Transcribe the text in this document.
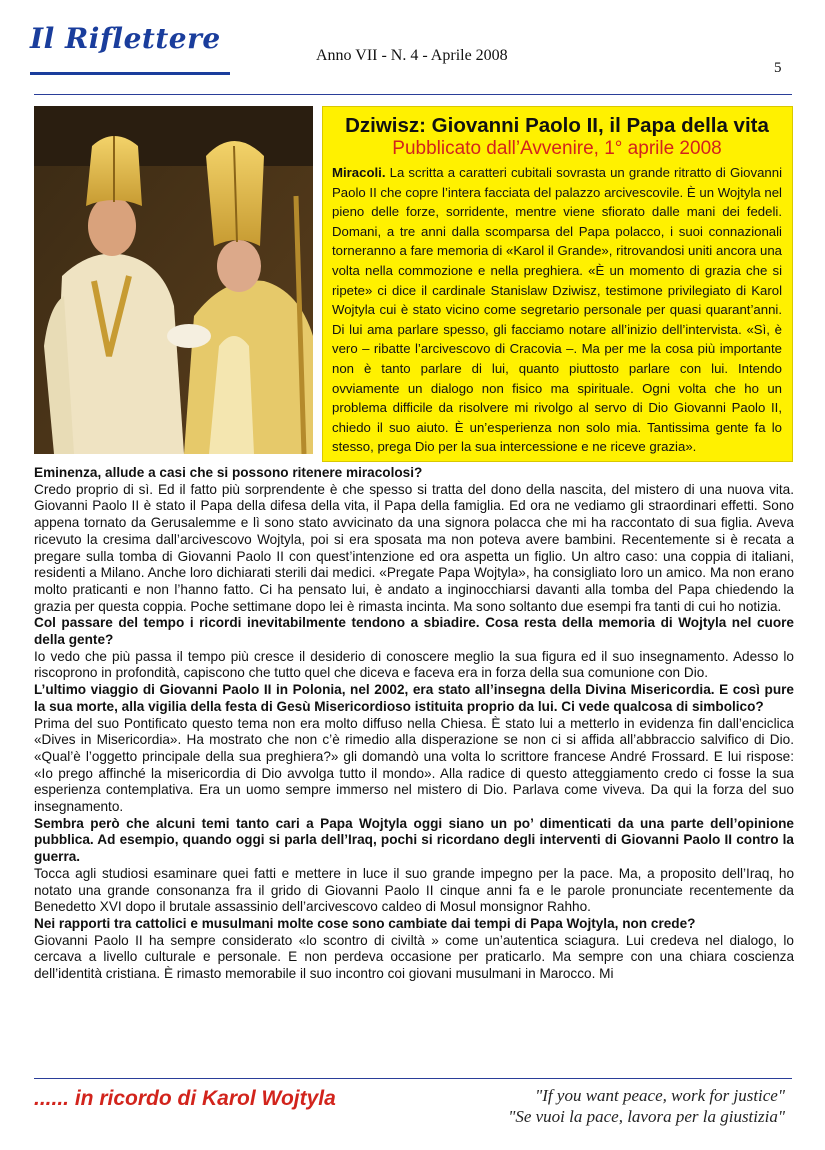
Il Riflettere
Anno VII - N. 4 - Aprile 2008
5
Dziwisz: Giovanni Paolo II, il Papa della vita
Pubblicato dall’Avvenire, 1° aprile 2008
Miracoli. La scritta a caratteri cubitali sovrasta un grande ritratto di Giovanni Paolo II che copre l’intera facciata del palazzo arcivescovile. È un Wojtyla nel pieno delle forze, sorridente, mentre viene sfiorato dalle mani dei fedeli. Domani, a tre anni dalla scomparsa del Papa polacco, i suoi connazionali torneranno a fare memoria di «Karol il Grande», ritrovandosi uniti ancora una volta nella commozione e nella preghiera. «È un momento di grazia che si ripete» ci dice il cardinale Stanislaw Dziwisz, testimone privilegiato di Karol Wojtyla cui è stato vicino come segretario personale per quasi quarant’anni. Di lui ama parlare spesso, gli facciamo notare all’inizio dell’intervista. «Sì, è vero – ribatte l’arcivescovo di Cracovia –. Ma per me la cosa più importante non è tanto parlare di lui, quanto piuttosto parlare con lui. Intendo ovviamente un dialogo non fisico ma spirituale. Ogni volta che ho un problema difficile da risolvere mi rivolgo al servo di Dio Giovanni Paolo II, chiedo il suo aiuto. È un’esperienza non solo mia. Tantissima gente fa lo stesso, prega Dio per la sua intercessione e ne riceve grazia».

Eminenza, allude a casi che si possono ritenere miracolosi?

Credo proprio di sì. Ed il fatto più sorprendente è che spesso si tratta del dono della nascita, del mistero di una nuova vita. Giovanni Paolo II è stato il Papa della difesa della vita, il Papa della famiglia. Ed ora ne vediamo gli straordinari effetti. Sono appena tornato da Gerusalemme e lì sono stato avvicinato da una signora polacca che mi ha raccontato di sua figlia. Aveva ricevuto la cresima dall’arcivescovo Wojtyla, poi si era sposata ma non poteva avere bambini. Recentemente si è recata a pregare sulla tomba di Giovanni Paolo II con quest’intenzione ed ora aspetta un figlio. Un altro caso: una coppia di italiani, residenti a Milano. Anche loro dichiarati sterili dai medici. «Pregate Papa Wojtyla», ha consigliato loro un amico. Ma non erano molto praticanti e non l’hanno fatto. Ci ha pensato lui, è andato a inginocchiarsi davanti alla tomba del Papa chiedendo la grazia per questa coppia. Poche settimane dopo lei è rimasta incinta. Ma sono soltanto due esempi fra tanti di cui ho notizia.

Col passare del tempo i ricordi inevitabilmente tendono a sbiadire. Cosa resta della memoria di Wojtyla nel cuore della gente?

Io vedo che più passa il tempo più cresce il desiderio di conoscere meglio la sua figura ed il suo insegnamento. Adesso lo riscoprono in profondità, capiscono che tutto quel che diceva e faceva era in forza della sua comunione con Dio.

L’ultimo viaggio di Giovanni Paolo II in Polonia, nel 2002, era stato all’insegna della Divina Misericordia. E così pure la sua morte, alla vigilia della festa di Gesù Misericordioso istituita proprio da lui. Ci vede qualcosa di simbolico?

Prima del suo Pontificato questo tema non era molto diffuso nella Chiesa. È stato lui a metterlo in evidenza fin dall’enciclica «Dives in Misericordia». Ha mostrato che non c’è rimedio alla disperazione se non ci si affida all’abbraccio salvifico di Dio. «Qual’è l’oggetto principale della sua preghiera?» gli domandò una volta lo scrittore francese André Frossard. E lui rispose: «Io prego affinché la misericordia di Dio avvolga tutto il mondo». Alla radice di questo atteggiamento credo ci fosse la sua esperienza contemplativa. Era un uomo sempre immerso nel mistero di Dio. Parlava come viveva. Da qui la forza del suo insegnamento.

Sembra però che alcuni temi tanto cari a Papa Wojtyla oggi siano un po’ dimenticati da una parte dell’opinione pubblica. Ad esempio, quando oggi si parla dell’Iraq, pochi si ricordano degli interventi di Giovanni Paolo II contro la guerra.

Tocca agli studiosi esaminare quei fatti e mettere in luce il suo grande impegno per la pace. Ma, a proposito dell’Iraq, ho notato una grande consonanza fra il grido di Giovanni Paolo II cinque anni fa e le parole pronunciate recentemente da Benedetto XVI dopo il brutale assassinio dell’arcivescovo caldeo di Mosul monsignor Rahho.

Nei rapporti tra cattolici e musulmani molte cose sono cambiate dai tempi di Papa Wojtyla, non crede?

Giovanni Paolo II ha sempre considerato «lo scontro di civiltà » come un’autentica sciagura. Lui credeva nel dialogo, lo cercava a livello culturale e personale. E non perdeva occasione per praticarlo. Ma sempre con una chiara coscienza dell’identità cristiana. È rimasto memorabile il suo incontro coi giovani musulmani in Marocco. Mi

...... in ricordo di Karol Wojtyla	"If you want peace, work for justice"
"Se vuoi la pace, lavora per la giustizia"
